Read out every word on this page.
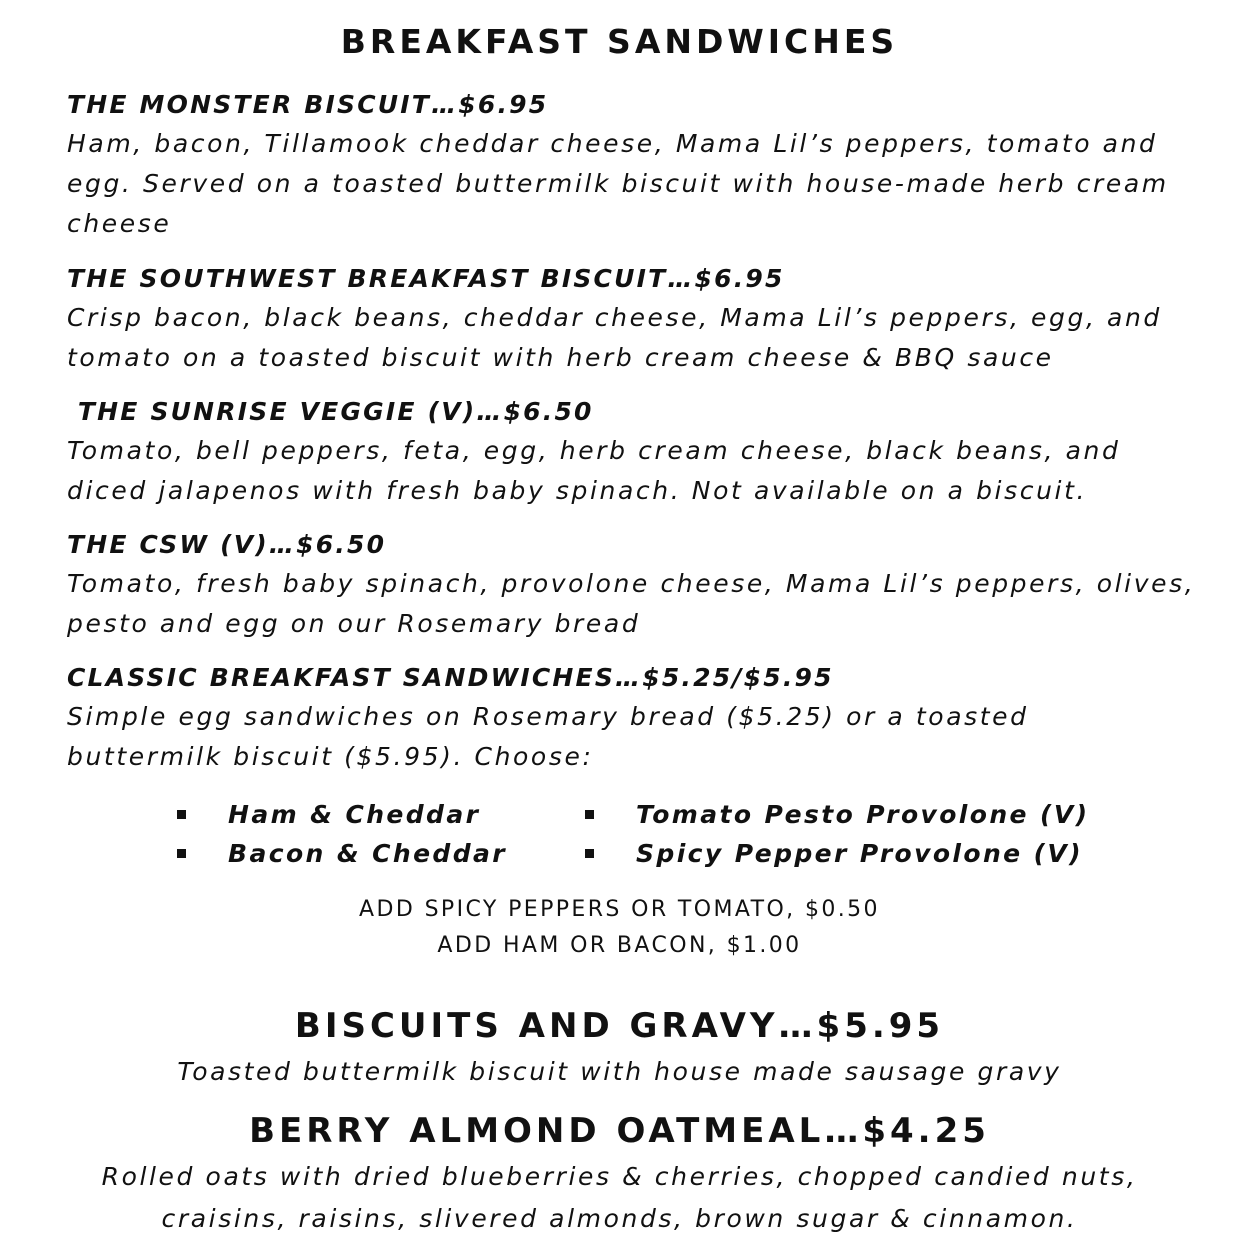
BREAKFAST SANDWICHES
THE MONSTER BISCUIT…$6.95
Ham, bacon, Tillamook cheddar cheese, Mama Lil’s peppers, tomato and egg. Served on a toasted buttermilk biscuit with house-made herb cream cheese
THE SOUTHWEST BREAKFAST BISCUIT…$6.95
Crisp bacon, black beans, cheddar cheese, Mama Lil’s peppers, egg, and tomato on a toasted biscuit with herb cream cheese & BBQ sauce
THE SUNRISE VEGGIE (V)…$6.50
Tomato, bell peppers, feta, egg, herb cream cheese, black beans, and diced jalapenos with fresh baby spinach. Not available on a biscuit.
THE CSW (V)…$6.50
Tomato, fresh baby spinach, provolone cheese, Mama Lil’s peppers, olives, pesto and egg on our Rosemary bread
CLASSIC BREAKFAST SANDWICHES…$5.25/$5.95
Simple egg sandwiches on Rosemary bread ($5.25) or a toasted buttermilk biscuit ($5.95). Choose:
Ham & Cheddar	Tomato Pesto Provolone (V)
Bacon & Cheddar	Spicy Pepper Provolone (V)
ADD SPICY PEPPERS OR TOMATO, $0.50
ADD HAM OR BACON, $1.00
BISCUITS AND GRAVY…$5.95
Toasted buttermilk biscuit with house made sausage gravy
BERRY ALMOND OATMEAL…$4.25
Rolled oats with dried blueberries & cherries, chopped candied nuts, craisins, raisins, slivered almonds, brown sugar & cinnamon.
